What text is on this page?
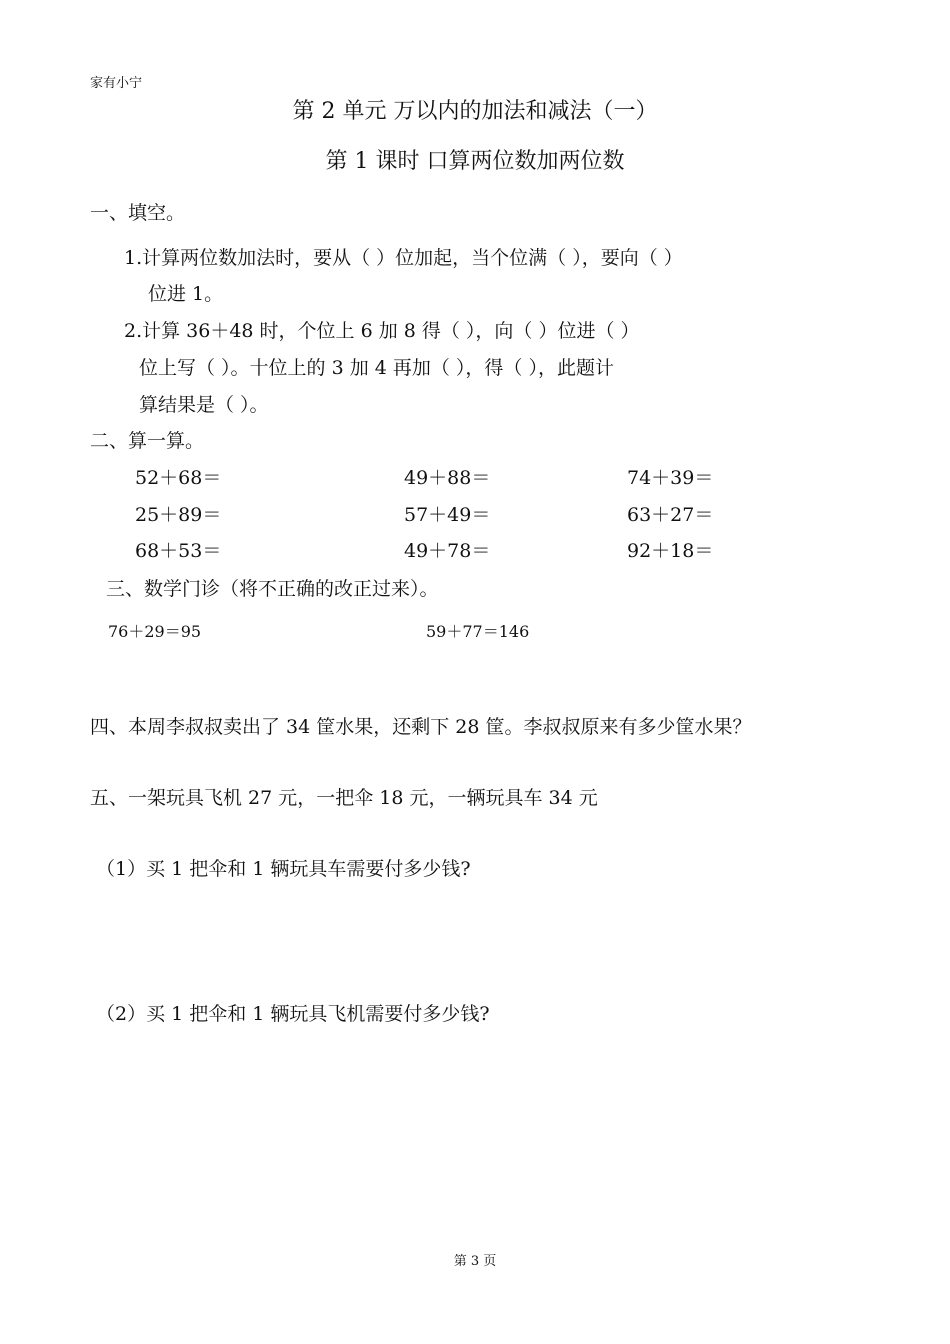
家有小宁
第 2 单元 万以内的加法和减法（一）
第 1 课时 口算两位数加两位数
一、填空。
1.计算两位数加法时，要从（ ）位加起，当个位满（ ），要向（ ）
位进 1。
2.计算 36＋48 时，个位上 6 加 8 得（ ），向（ ）位进（ ）
位上写（ ）。十位上的 3 加 4 再加（ ），得（ ），此题计
算结果是（ ）。
二、算一算。
52＋68＝	49＋88＝	74＋39＝
25＋89＝	57＋49＝	63＋27＝
68＋53＝	49＋78＝	92＋18＝
三、数学门诊（将不正确的改正过来）。
76＋29＝95	59＋77＝146
四、本周李叔叔卖出了 34 筐水果，还剩下 28 筐。李叔叔原来有多少筐水果？
五、一架玩具飞机 27 元，一把伞 18 元，一辆玩具车 34 元
（1）买 1 把伞和 1 辆玩具车需要付多少钱?
（2）买 1 把伞和 1 辆玩具飞机需要付多少钱?
第 3 页
